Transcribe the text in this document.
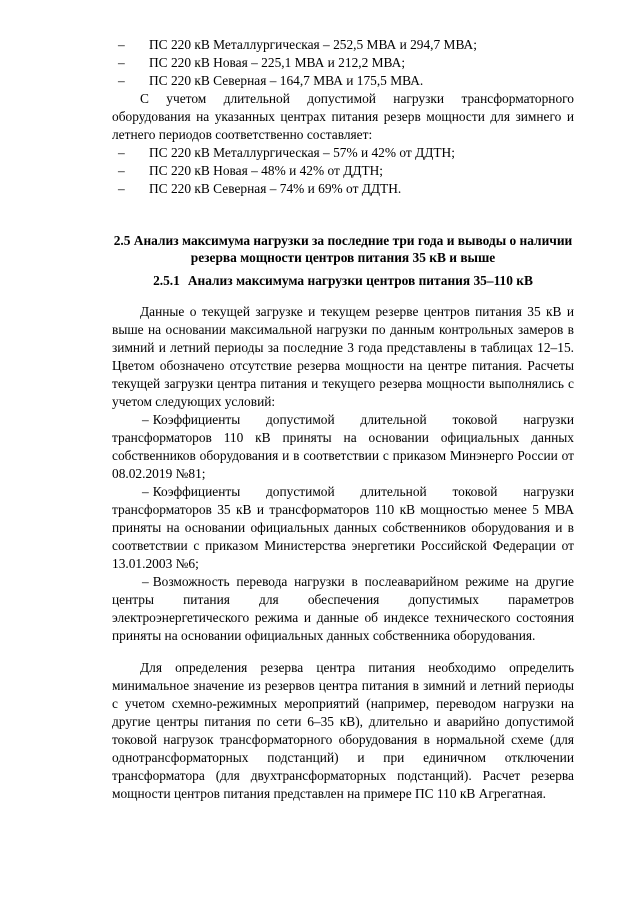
– ПС 220 кВ Металлургическая – 252,5 МВА и 294,7 МВА;

– ПС 220 кВ Новая – 225,1 МВА и 212,2 МВА;

– ПС 220 кВ Северная – 164,7 МВА и 175,5 МВА.

С учетом длительной допустимой нагрузки трансформаторного оборудования на указанных центрах питания резерв мощности для зимнего и летнего периодов соответственно составляет:

– ПС 220 кВ Металлургическая – 57% и 42% от ДДТН;

– ПС 220 кВ Новая – 48% и 42% от ДДТН;

– ПС 220 кВ Северная – 74% и 69% от ДДТН.

2.5 Анализ максимума нагрузки за последние три года и выводы о наличии
резерва мощности центров питания 35 кВ и выше
2.5.1 Анализ максимума нагрузки центров питания 35–110 кВ

Данные о текущей загрузке и текущем резерве центров питания 35 кВ и выше на основании максимальной нагрузки по данным контрольных замеров в зимний и летний периоды за последние 3 года представлены в таблицах 12–15. Цветом обозначено отсутствие резерва мощности на центре питания. Расчеты текущей загрузки центра питания и текущего резерва мощности выполнялись с учетом следующих условий:

– Коэффициенты допустимой длительной токовой нагрузки трансформаторов 110 кВ приняты на основании официальных данных собственников оборудования и в соответствии с приказом Минэнерго России от 08.02.2019 №81;

– Коэффициенты допустимой длительной токовой нагрузки трансформаторов 35 кВ и трансформаторов 110 кВ мощностью менее 5 МВА приняты на основании официальных данных собственников оборудования и в соответствии с приказом Министерства энергетики Российской Федерации от 13.01.2003 №6;

– Возможность перевода нагрузки в послеаварийном режиме на другие центры питания для обеспечения допустимых параметров электроэнергетического режима и данные об индексе технического состояния приняты на основании официальных данных собственника оборудования.

Для определения резерва центра питания необходимо определить минимальное значение из резервов центра питания в зимний и летний периоды с учетом схемно-режимных мероприятий (например, переводом нагрузки на другие центры питания по сети 6–35 кВ), длительно и аварийно допустимой токовой нагрузок трансформаторного оборудования в нормальной схеме (для однотрансформаторных подстанций) и при единичном отключении трансформатора (для двухтрансформаторных подстанций). Расчет резерва мощности центров питания представлен на примере ПС 110 кВ Агрегатная.
